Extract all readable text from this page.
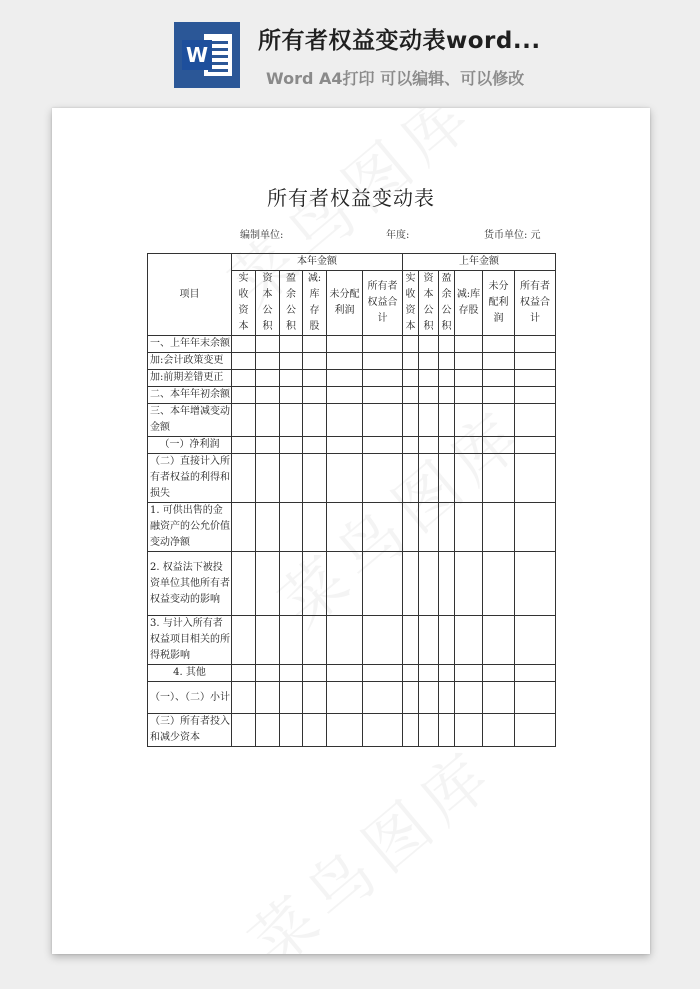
W
所有者权益变动表word...
Word A4打印 可以编辑、可以修改
所有者权益变动表
编制单位:	年度:	货币单位: 元
项目	本年金额						上年金额					
	实收资本	资本公积	盈余公积	减:库存股	未分配利润	所有者权益合计	实收资本	资本公积	盈余公积	减:库存股	未分配利润	所有者权益合计
一、上年年末余额												
加:会计政策变更												
加:前期差错更正												
二、本年年初余额												
三、本年增减变动金额												
（一）净利润												
（二）直接计入所有者权益的利得和损失												
1. 可供出售的金融资产的公允价值变动净额												
2. 权益法下被投资单位其他所有者权益变动的影响												
3. 与计入所有者权益项目相关的所得税影响												
4. 其他												
（一）、（二）小计												
（三）所有者投入和减少资本												
